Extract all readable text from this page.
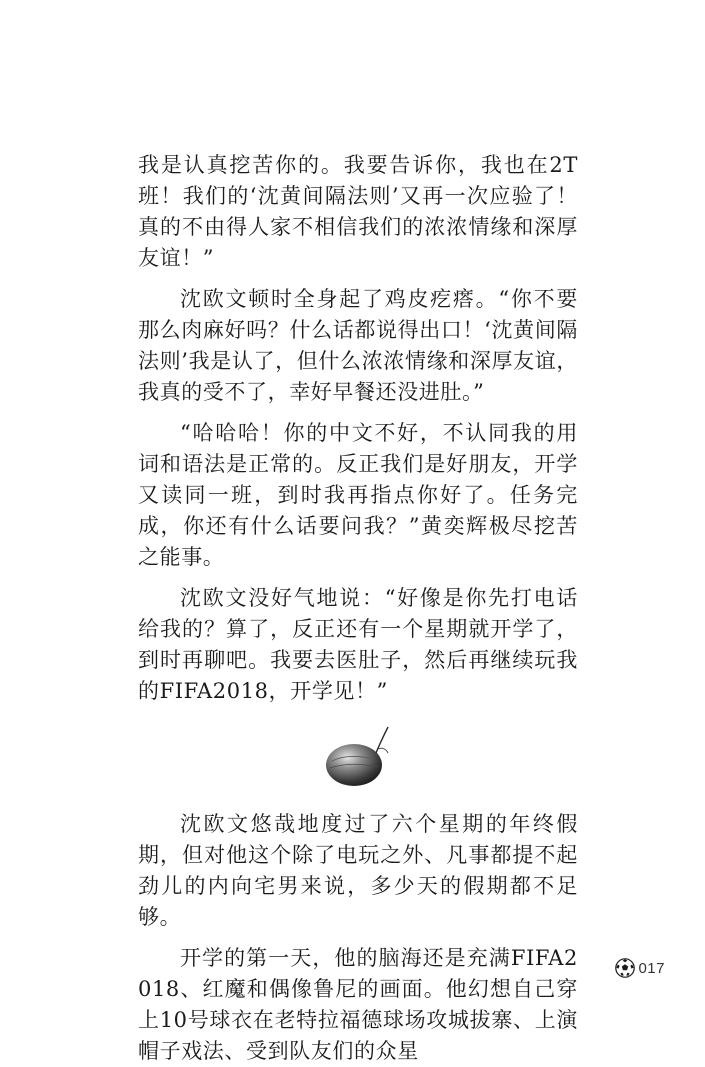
我是认真挖苦你的。我要告诉你，我也在2T班！我们的‘沈黄间隔法则’又再一次应验了！真的不由得人家不相信我们的浓浓情缘和深厚友谊！”

沈欧文顿时全身起了鸡皮疙瘩。“你不要那么肉麻好吗？什么话都说得出口！‘沈黄间隔法则’我是认了，但什么浓浓情缘和深厚友谊，我真的受不了，幸好早餐还没进肚。”

“哈哈哈！你的中文不好，不认同我的用词和语法是正常的。反正我们是好朋友，开学又读同一班，到时我再指点你好了。任务完成，你还有什么话要问我？”黄奕辉极尽挖苦之能事。

沈欧文没好气地说：“好像是你先打电话给我的？算了，反正还有一个星期就开学了，到时再聊吧。我要去医肚子，然后再继续玩我的FIFA2018，开学见！”

沈欧文悠哉地度过了六个星期的年终假期，但对他这个除了电玩之外、凡事都提不起劲儿的内向宅男来说，多少天的假期都不足够。

开学的第一天，他的脑海还是充满FIFA2018、红魔和偶像鲁尼的画面。他幻想自己穿上10号球衣在老特拉福德球场攻城拔寨、上演帽子戏法、受到队友们的众星

017
